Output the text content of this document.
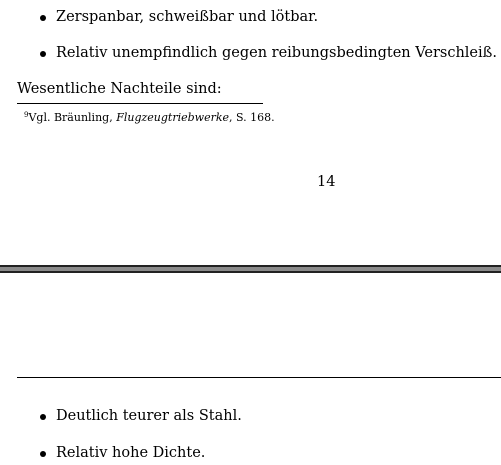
Zerspanbar, schweißbar und lötbar.
Relativ unempfindlich gegen reibungsbedingten Verschleiß.
Wesentliche Nachteile sind:
$^9$Vgl. Bräunling, Flugzeugtriebwerke, S. 168.
14
Deutlich teurer als Stahl.
Relativ hohe Dichte.
